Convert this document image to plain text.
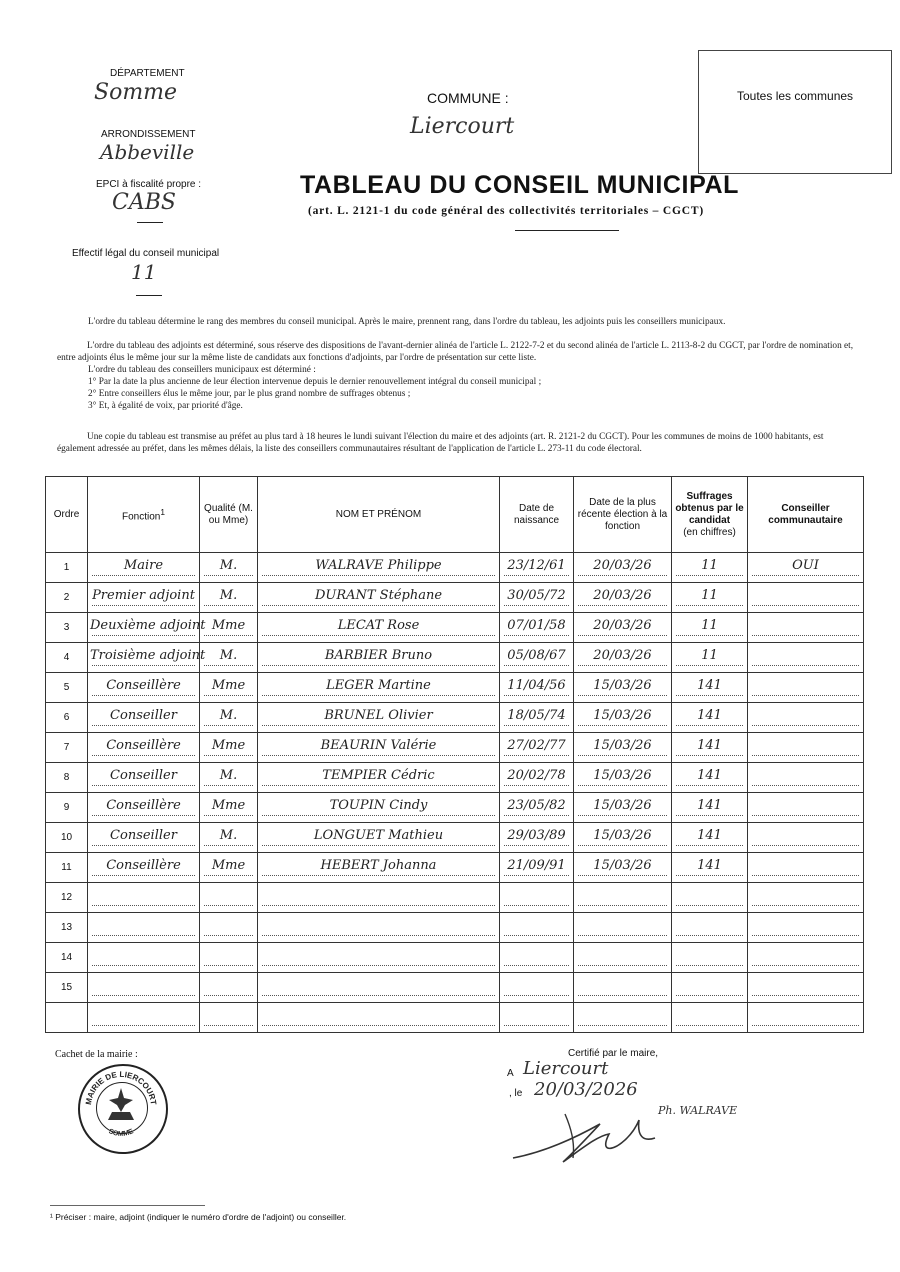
DÉPARTEMENT
Somme
ARRONDISSEMENT
Abbeville
EPCI à fiscalité propre :
CABS
Effectif légal du conseil municipal
11
COMMUNE :
Liercourt
Toutes les communes
TABLEAU DU CONSEIL MUNICIPAL
(art. L. 2121-1 du code général des collectivités territoriales – CGCT)
L'ordre du tableau détermine le rang des membres du conseil municipal. Après le maire, prennent rang, dans l'ordre du tableau, les adjoints puis les conseillers municipaux.
L'ordre du tableau des adjoints est déterminé, sous réserve des dispositions de l'avant-dernier alinéa de l'article L. 2122-7-2 et du second alinéa de l'article L. 2113-8-2 du CGCT, par l'ordre de nomination et, entre adjoints élus le même jour sur la même liste de candidats aux fonctions d'adjoints, par l'ordre de présentation sur cette liste.
L'ordre du tableau des conseillers municipaux est déterminé :
1° Par la date la plus ancienne de leur élection intervenue depuis le dernier renouvellement intégral du conseil municipal ;
2° Entre conseillers élus le même jour, par le plus grand nombre de suffrages obtenus ;
3° Et, à égalité de voix, par priorité d'âge.
Une copie du tableau est transmise au préfet au plus tard à 18 heures le lundi suivant l'élection du maire et des adjoints (art. R. 2121-2 du CGCT). Pour les communes de moins de 1000 habitants, est également adressée au préfet, dans les mêmes délais, la liste des conseillers communautaires résultant de l'application de l'article L. 273-11 du code électoral.
Ordre	Fonction$^1$	Qualité (M. ou Mme)	NOM ET PRÉNOM	Date de naissance	Date de la plus récente élection à la fonction	Suffrages obtenus par le candidat
(en chiffres)	Conseiller communautaire
1	Maire	M.	WALRAVE Philippe	23/12/61	20/03/26	11	OUI
2	Premier adjoint	M.	DURANT Stéphane	30/05/72	20/03/26	11	

3	Deuxième adjoint	Mme	LECAT Rose	07/01/58	20/03/26	11	

4	Troisième adjoint	M.	BARBIER Bruno	05/08/67	20/03/26	11	

5	Conseillère	Mme	LEGER Martine	11/04/56	15/03/26	141	

6	Conseiller	M.	BRUNEL Olivier	18/05/74	15/03/26	141	

7	Conseillère	Mme	BEAURIN Valérie	27/02/77	15/03/26	141	

8	Conseiller	M.	TEMPIER Cédric	20/02/78	15/03/26	141	

9	Conseillère	Mme	TOUPIN Cindy	23/05/82	15/03/26	141	

10	Conseiller	M.	LONGUET Mathieu	29/03/89	15/03/26	141	

11	Conseillère	Mme	HEBERT Johanna	21/09/91	15/03/26	141	

12	

13	

14	

15	

Cachet de la mairie :
MAIRIE DE LIERCOURT
SOMME
Certifié par le maire,
A Liercourt
, le 20/03/2026
Ph. WALRAVE
¹ Préciser : maire, adjoint (indiquer le numéro d'ordre de l'adjoint) ou conseiller.
